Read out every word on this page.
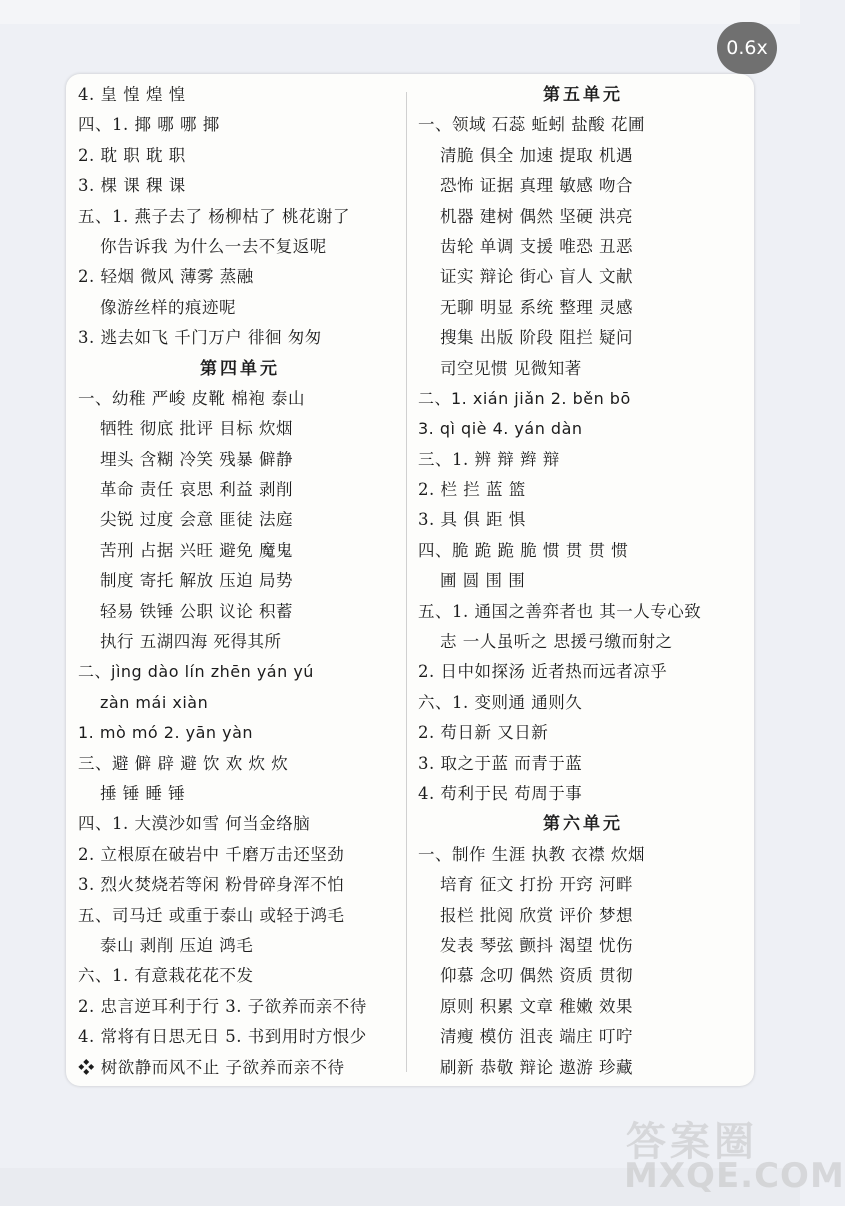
4. 皇 惶 煌 惶
四、1. 揶 哪 哪 揶
2. 耽 职 耽 职
3. 棵 课 稞 课
五、1. 燕子去了 杨柳枯了 桃花谢了
你告诉我 为什么一去不复返呢
2. 轻烟 微风 薄雾 蒸融
像游丝样的痕迹呢
3. 逃去如飞 千门万户 徘徊 匆匆
第四单元
一、幼稚 严峻 皮靴 棉袍 泰山
牺牲 彻底 批评 目标 炊烟
埋头 含糊 冷笑 残暴 僻静
革命 责任 哀思 利益 剥削
尖锐 过度 会意 匪徒 法庭
苦刑 占据 兴旺 避免 魔鬼
制度 寄托 解放 压迫 局势
轻易 铁锤 公职 议论 积蓄
执行 五湖四海 死得其所
二、jìng dào lín zhēn yán yú
zàn mái xiàn
1. mò mó 2. yān yàn
三、避 僻 辟 避 饮 欢 炊 炊
捶 锤 睡 锤
四、1. 大漠沙如雪 何当金络脑
2. 立根原在破岩中 千磨万击还坚劲
3. 烈火焚烧若等闲 粉骨碎身浑不怕
五、司马迁 或重于泰山 或轻于鸿毛
泰山 剥削 压迫 鸿毛
六、1. 有意栽花花不发
2. 忠言逆耳利于行 3. 子欲养而亲不待
4. 常将有日思无日 5. 书到用时方恨少
❖ 树欲静而风不止 子欲养而亲不待
第五单元
一、领域 石蕊 蚯蚓 盐酸 花圃
清脆 俱全 加速 提取 机遇
恐怖 证据 真理 敏感 吻合
机器 建树 偶然 坚硬 洪亮
齿轮 单调 支援 唯恐 丑恶
证实 辩论 街心 盲人 文献
无聊 明显 系统 整理 灵感
搜集 出版 阶段 阻拦 疑问
司空见惯 见微知著
二、1. xián jiǎn 2. běn bō
3. qì qiè 4. yán dàn
三、1. 辨 辩 辫 辩
2. 栏 拦 蓝 篮
3. 具 俱 距 惧
四、脆 跪 跪 脆 惯 贯 贯 惯
圃 圆 围 围
五、1. 通国之善弈者也 其一人专心致
志 一人虽听之 思援弓缴而射之
2. 日中如探汤 近者热而远者凉乎
六、1. 变则通 通则久
2. 苟日新 又日新
3. 取之于蓝 而青于蓝
4. 苟利于民 苟周于事
第六单元
一、制作 生涯 执教 衣襟 炊烟
培育 征文 打扮 开窍 河畔
报栏 批阅 欣赏 评价 梦想
发表 琴弦 颤抖 渴望 忧伤
仰慕 念叨 偶然 资质 贯彻
原则 积累 文章 稚嫩 效果
清瘦 模仿 沮丧 端庄 叮咛
刷新 恭敬 辩论 遨游 珍藏
0.6x
答案圈
MXQE.COM
